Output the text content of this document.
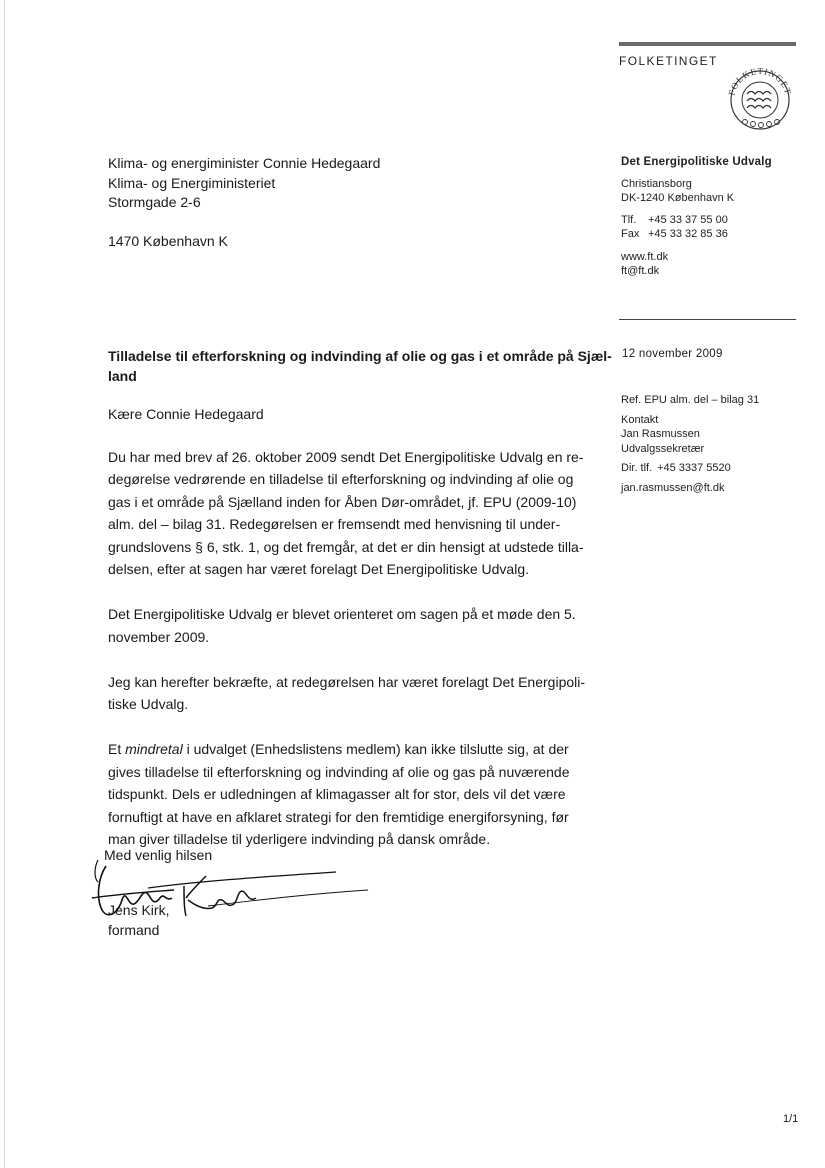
FOLKETINGET
FOLKETINGET
Klima- og energiminister Connie Hedegaard
Klima- og Energiministeriet
Stormgade 2-6
1470 København K
Det Energipolitiske Udvalg
Christiansborg
DK-1240 København K
Tlf. +45 33 37 55 00
Fax +45 33 32 85 36
www.ft.dk
ft@ft.dk
12 november 2009
Ref. EPU alm. del – bilag 31
Kontakt
Jan Rasmussen
Udvalgssekretær
Dir. tlf. +45 3337 5520
jan.rasmussen@ft.dk
Tilladelse til efterforskning og indvinding af olie og gas i et område på Sjæl-
land
Kære Connie Hedegaard
Du har med brev af 26. oktober 2009 sendt Det Energipolitiske Udvalg en re-
degørelse vedrørende en tilladelse til efterforskning og indvinding af olie og
gas i et område på Sjælland inden for Åben Dør-området, jf. EPU (2009-10)
alm. del – bilag 31. Redegørelsen er fremsendt med henvisning til under-
grundslovens § 6, stk. 1, og det fremgår, at det er din hensigt at udstede tilla-
delsen, efter at sagen har været forelagt Det Energipolitiske Udvalg.
Det Energipolitiske Udvalg er blevet orienteret om sagen på et møde den 5.
november 2009.
Jeg kan herefter bekræfte, at redegørelsen har været forelagt Det Energipoli-
tiske Udvalg.
Et mindretal i udvalget (Enhedslistens medlem) kan ikke tilslutte sig, at der
gives tilladelse til efterforskning og indvinding af olie og gas på nuværende
tidspunkt. Dels er udledningen af klimagasser alt for stor, dels vil det være
fornuftigt at have en afklaret strategi for den fremtidige energiforsyning, før
man giver tilladelse til yderligere indvinding på dansk område.
Med venlig hilsen
Jens Kirk,
formand
1/1
